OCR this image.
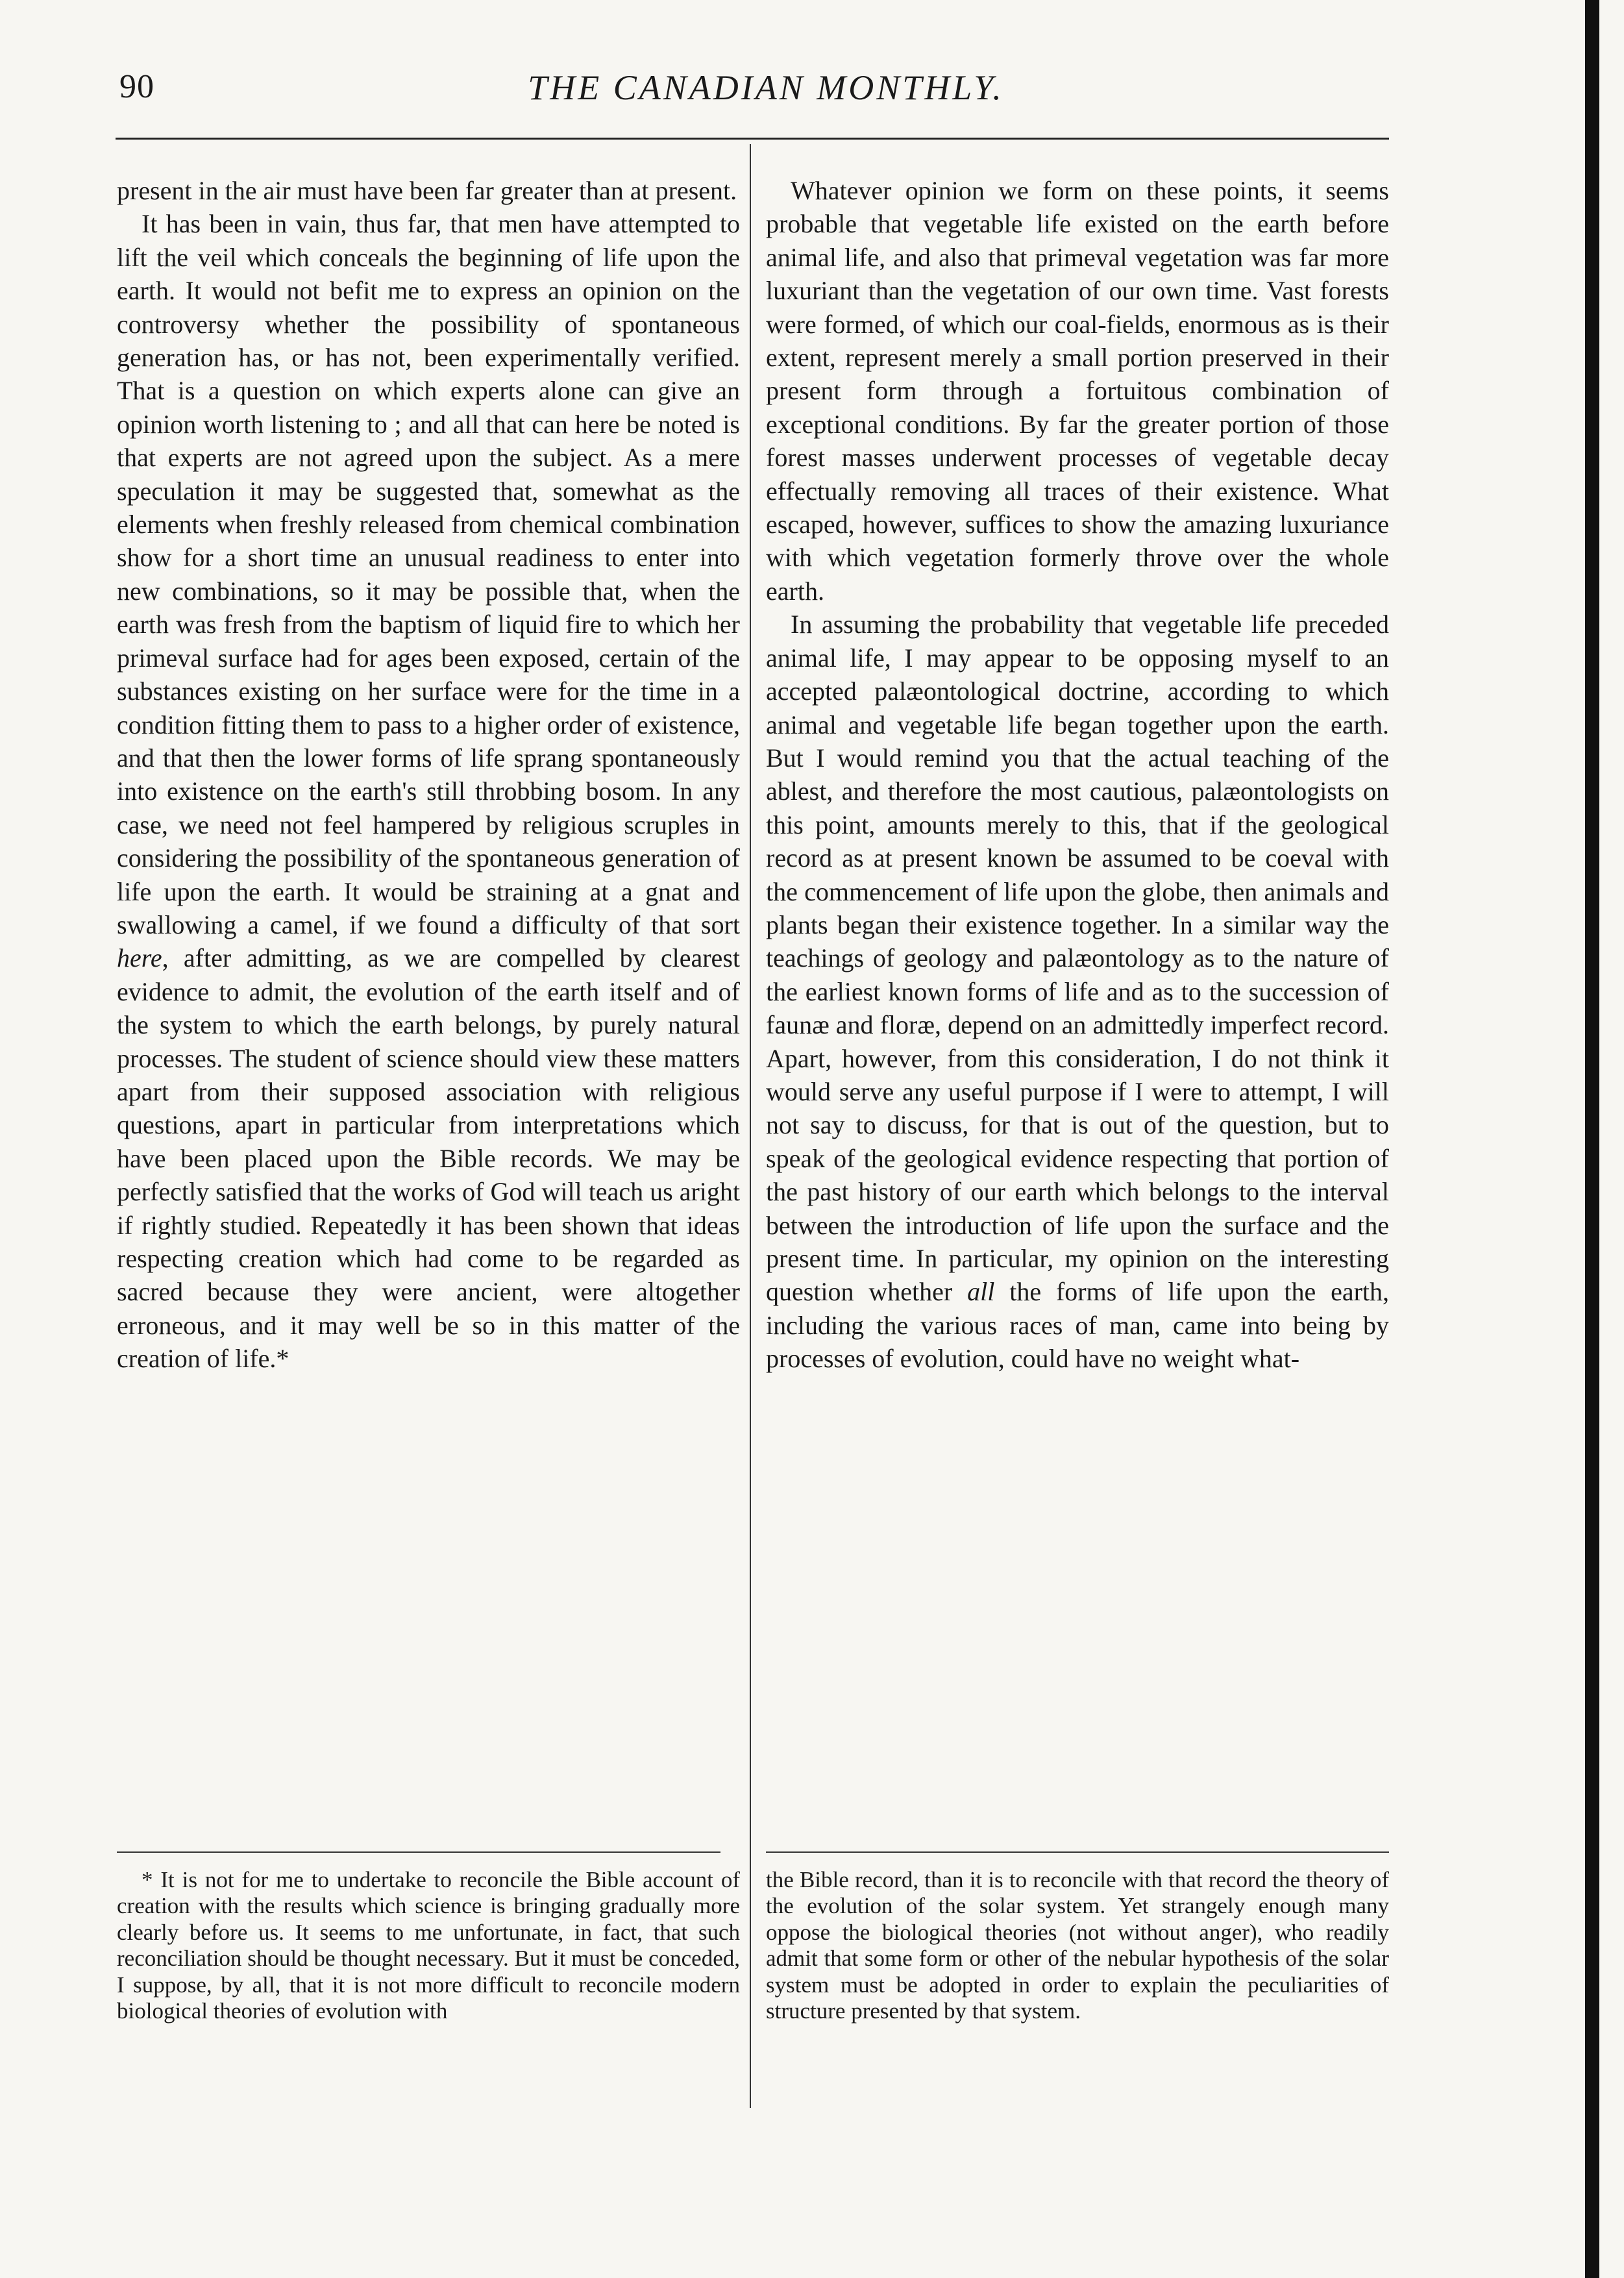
90	THE CANADIAN MONTHLY.

present in the air must have been far greater than at present.

It has been in vain, thus far, that men have attempted to lift the veil which conceals the beginning of life upon the earth. It would not befit me to express an opinion on the controversy whether the possibility of spontaneous generation has, or has not, been experimentally verified. That is a question on which experts alone can give an opinion worth listening to ; and all that can here be noted is that experts are not agreed upon the subject. As a mere speculation it may be suggested that, somewhat as the elements when freshly released from chemical combination show for a short time an unusual readiness to enter into new combinations, so it may be possible that, when the earth was fresh from the baptism of liquid fire to which her primeval surface had for ages been exposed, certain of the substances existing on her surface were for the time in a condition fitting them to pass to a higher order of existence, and that then the lower forms of life sprang spontaneously into existence on the earth's still throbbing bosom. In any case, we need not feel hampered by religious scruples in considering the possibility of the spontaneous generation of life upon the earth. It would be straining at a gnat and swallowing a camel, if we found a difficulty of that sort here, after admitting, as we are compelled by clearest evidence to admit, the evolution of the earth itself and of the system to which the earth belongs, by purely natural processes. The student of science should view these matters apart from their supposed association with religious questions, apart in particular from interpretations which have been placed upon the Bible records. We may be perfectly satisfied that the works of God will teach us aright if rightly studied. Repeatedly it has been shown that ideas respecting creation which had come to be regarded as sacred because they were ancient, were altogether erroneous, and it may well be so in this matter of the creation of life.*

Whatever opinion we form on these points, it seems probable that vegetable life existed on the earth before animal life, and also that primeval vegetation was far more luxuriant than the vegetation of our own time. Vast forests were formed, of which our coal-fields, enormous as is their extent, represent merely a small portion preserved in their present form through a fortuitous combination of exceptional conditions. By far the greater portion of those forest masses underwent processes of vegetable decay effectually removing all traces of their existence. What escaped, however, suffices to show the amazing luxuriance with which vegetation formerly throve over the whole earth.

In assuming the probability that vegetable life preceded animal life, I may appear to be opposing myself to an accepted palæontological doctrine, according to which animal and vegetable life began together upon the earth. But I would remind you that the actual teaching of the ablest, and therefore the most cautious, palæontologists on this point, amounts merely to this, that if the geological record as at present known be assumed to be coeval with the commencement of life upon the globe, then animals and plants began their existence together. In a similar way the teachings of geology and palæontology as to the nature of the earliest known forms of life and as to the succession of faunæ and floræ, depend on an admittedly imperfect record. Apart, however, from this consideration, I do not think it would serve any useful purpose if I were to attempt, I will not say to discuss, for that is out of the question, but to speak of the geological evidence respecting that portion of the past history of our earth which belongs to the interval between the introduction of life upon the surface and the present time. In particular, my opinion on the interesting question whether all the forms of life upon the earth, including the various races of man, came into being by processes of evolution, could have no weight what-

* It is not for me to undertake to reconcile the Bible account of creation with the results which science is bringing gradually more clearly before us. It seems to me unfortunate, in fact, that such reconciliation should be thought necessary. But it must be conceded, I suppose, by all, that it is not more difficult to reconcile modern biological theories of evolution with

the Bible record, than it is to reconcile with that record the theory of the evolution of the solar system. Yet strangely enough many oppose the biological theories (not without anger), who readily admit that some form or other of the nebular hypothesis of the solar system must be adopted in order to explain the peculiarities of structure presented by that system.
